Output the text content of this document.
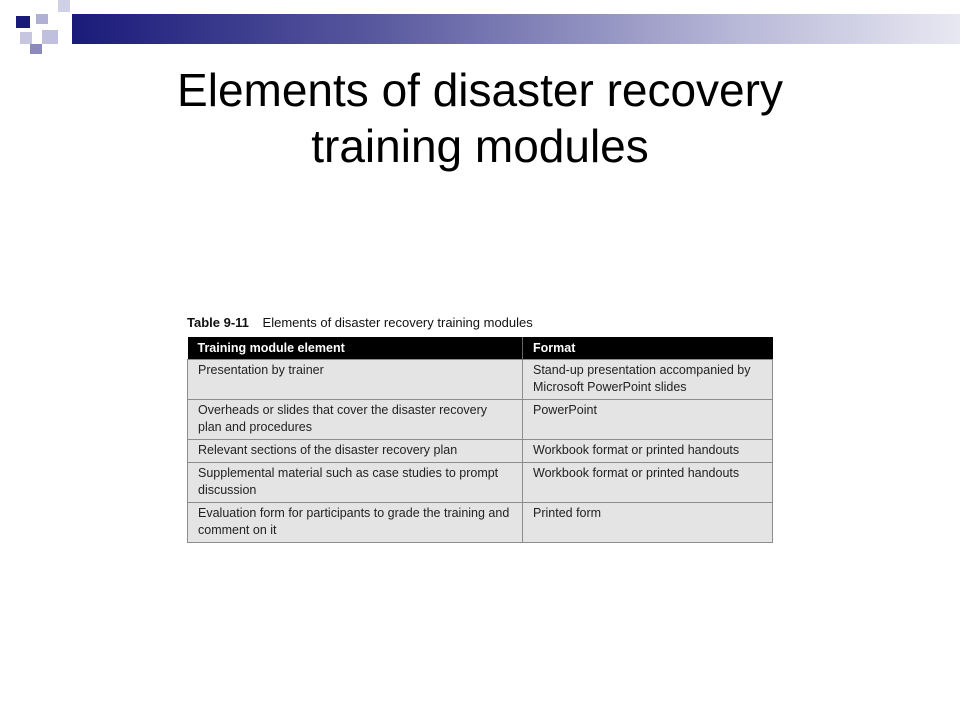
Elements of disaster recovery
training modules
Table 9-11 Elements of disaster recovery training modules
Training module element	Format
Presentation by trainer	Stand-up presentation accompanied by Microsoft PowerPoint slides
Overheads or slides that cover the disaster recovery plan and procedures	PowerPoint
Relevant sections of the disaster recovery plan	Workbook format or printed handouts
Supplemental material such as case studies to prompt discussion	Workbook format or printed handouts
Evaluation form for participants to grade the training and comment on it	Printed form
